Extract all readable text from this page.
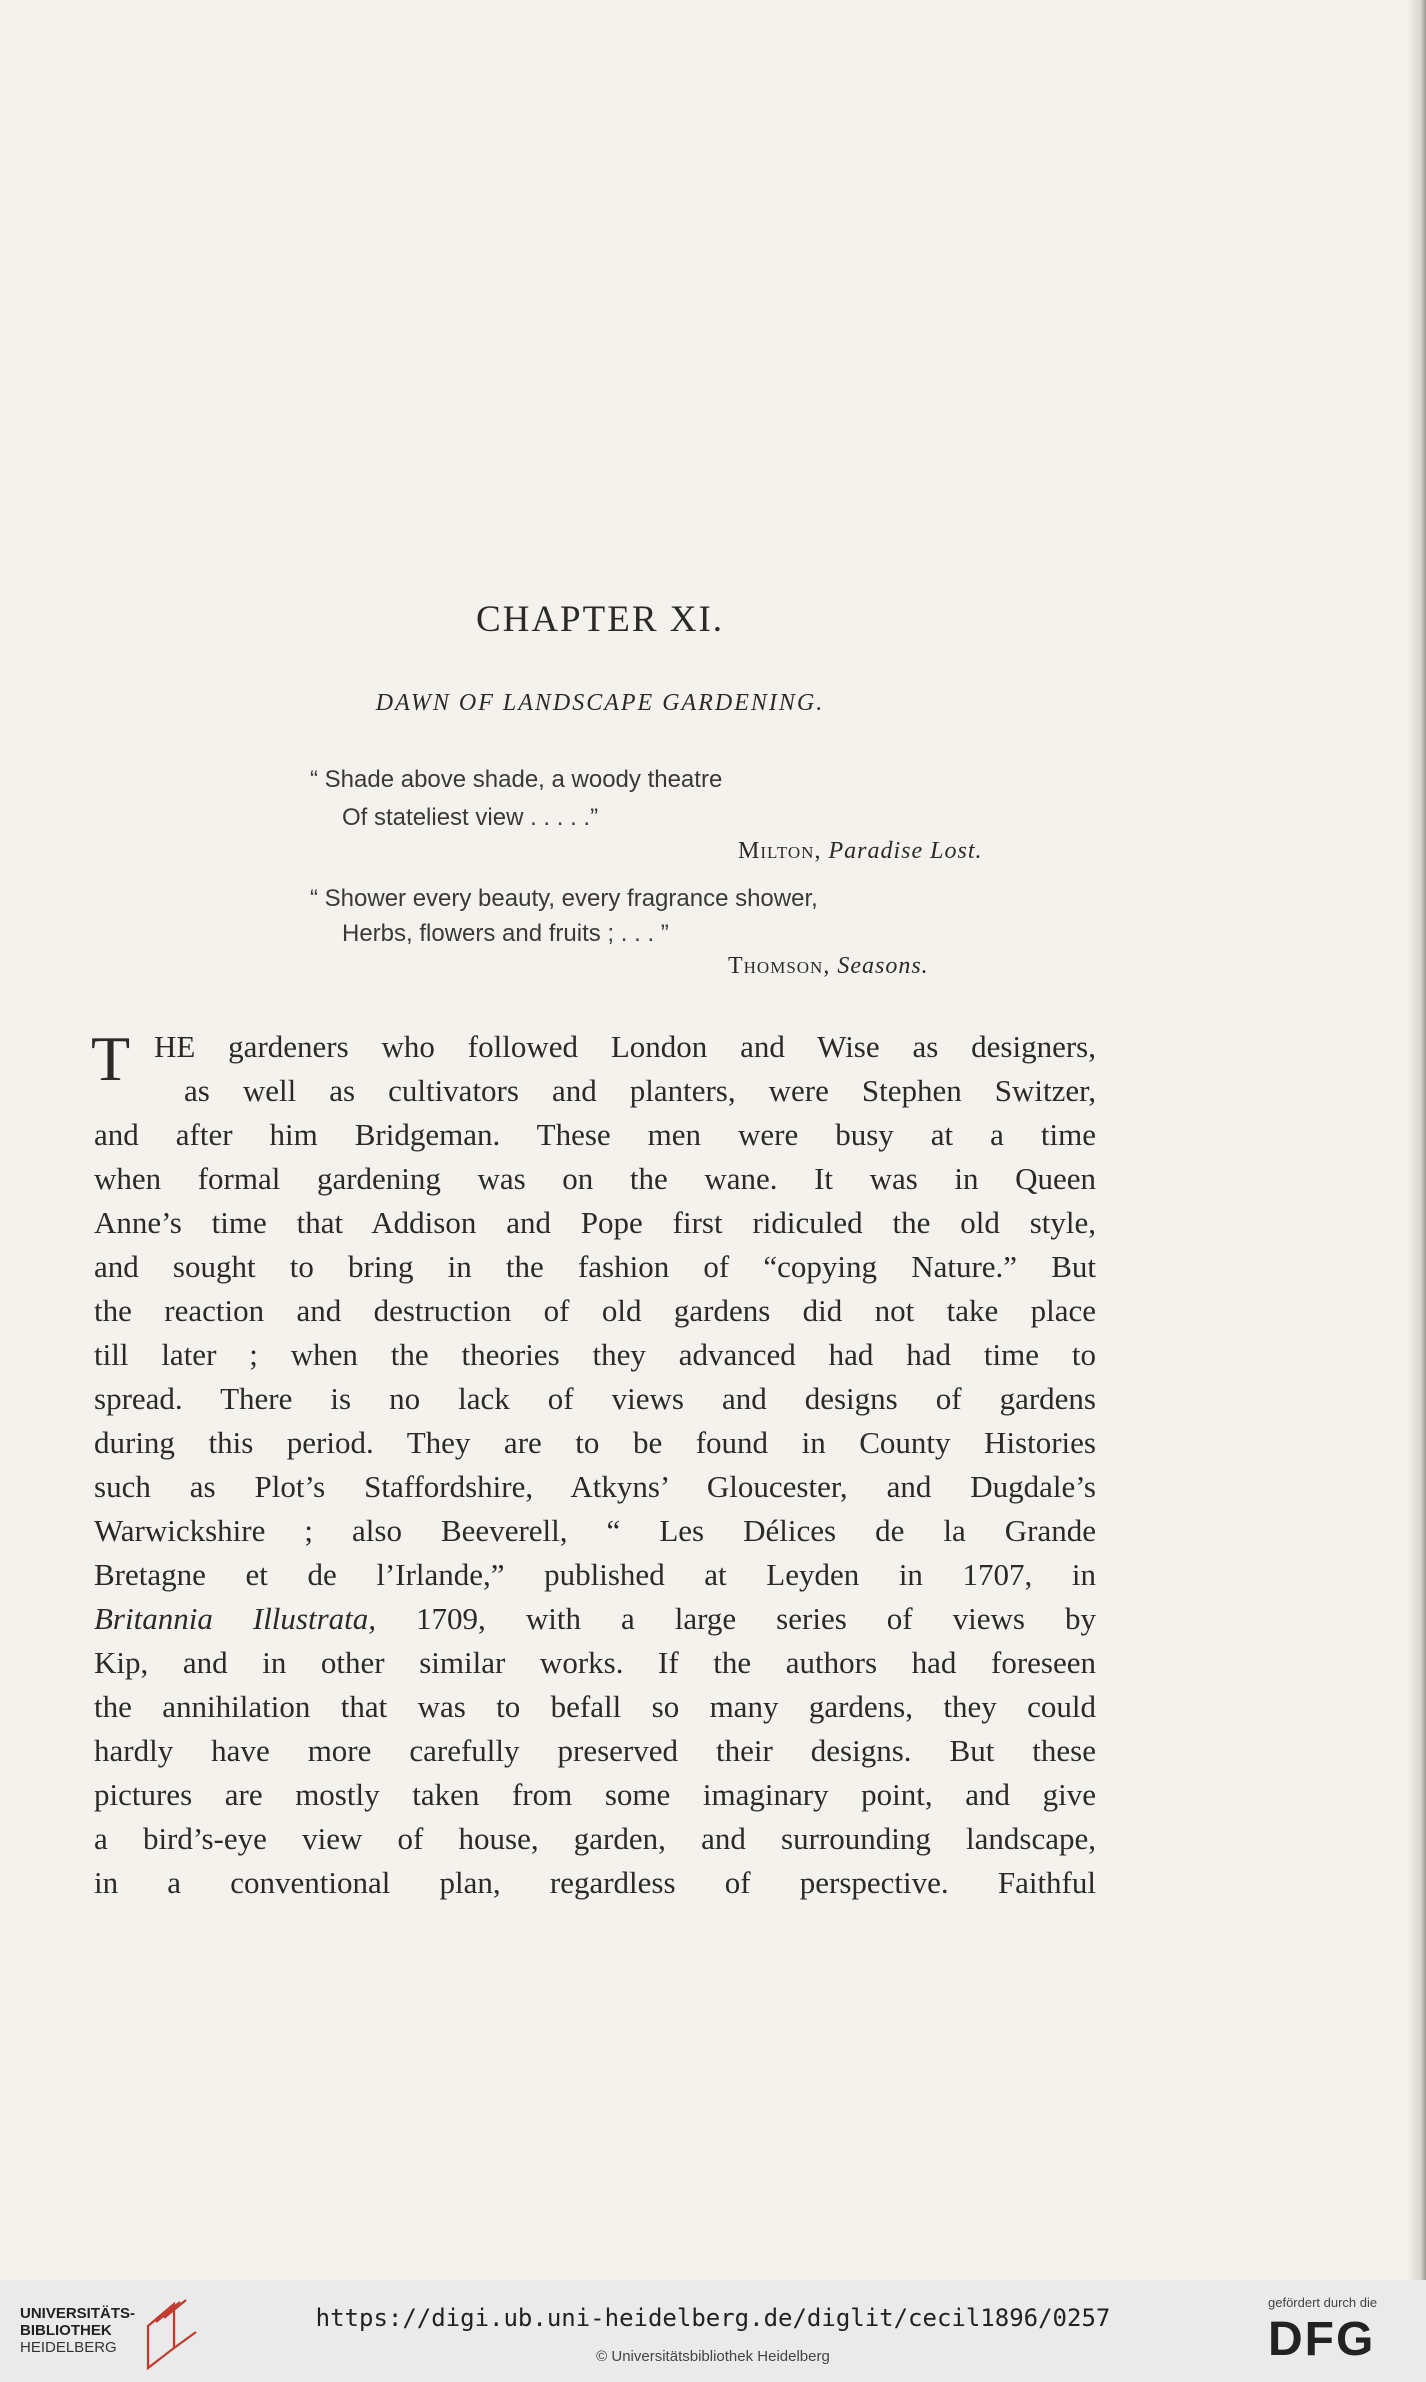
CHAPTER XI.
DAWN OF LANDSCAPE GARDENING.
“ Shade above shade, a woody theatre
Of stateliest view . . . . .”
Milton, Paradise Lost.
“ Shower every beauty, every fragrance shower,
Herbs, flowers and fruits ; . . . ”
Thomson, Seasons.
T HE gardeners who followed London and Wise as designers,
as well as cultivators and planters, were Stephen Switzer,
and after him Bridgeman. These men were busy at a time
when formal gardening was on the wane. It was in Queen
Anne’s time that Addison and Pope first ridiculed the old style,
and sought to bring in the fashion of “copying Nature.” But
the reaction and destruction of old gardens did not take place
till later ; when the theories they advanced had had time to
spread. There is no lack of views and designs of gardens
during this period. They are to be found in County Histories
such as Plot’s Staffordshire, Atkyns’ Gloucester, and Dugdale’s
Warwickshire ; also Beeverell, “ Les Délices de la Grande
Bretagne et de l’Irlande,” published at Leyden in 1707, in
Britannia Illustrata, 1709, with a large series of views by
Kip, and in other similar works. If the authors had foreseen
the annihilation that was to befall so many gardens, they could
hardly have more carefully preserved their designs. But these
pictures are mostly taken from some imaginary point, and give
a bird’s-eye view of house, garden, and surrounding landscape,
in a conventional plan, regardless of perspective. Faithful
UNIVERSITÄTS-
BIBLIOTHEK
HEIDELBERG
https://digi.ub.uni-heidelberg.de/diglit/cecil1896/0257
© Universitätsbibliothek Heidelberg
gefördert durch die
DFG
